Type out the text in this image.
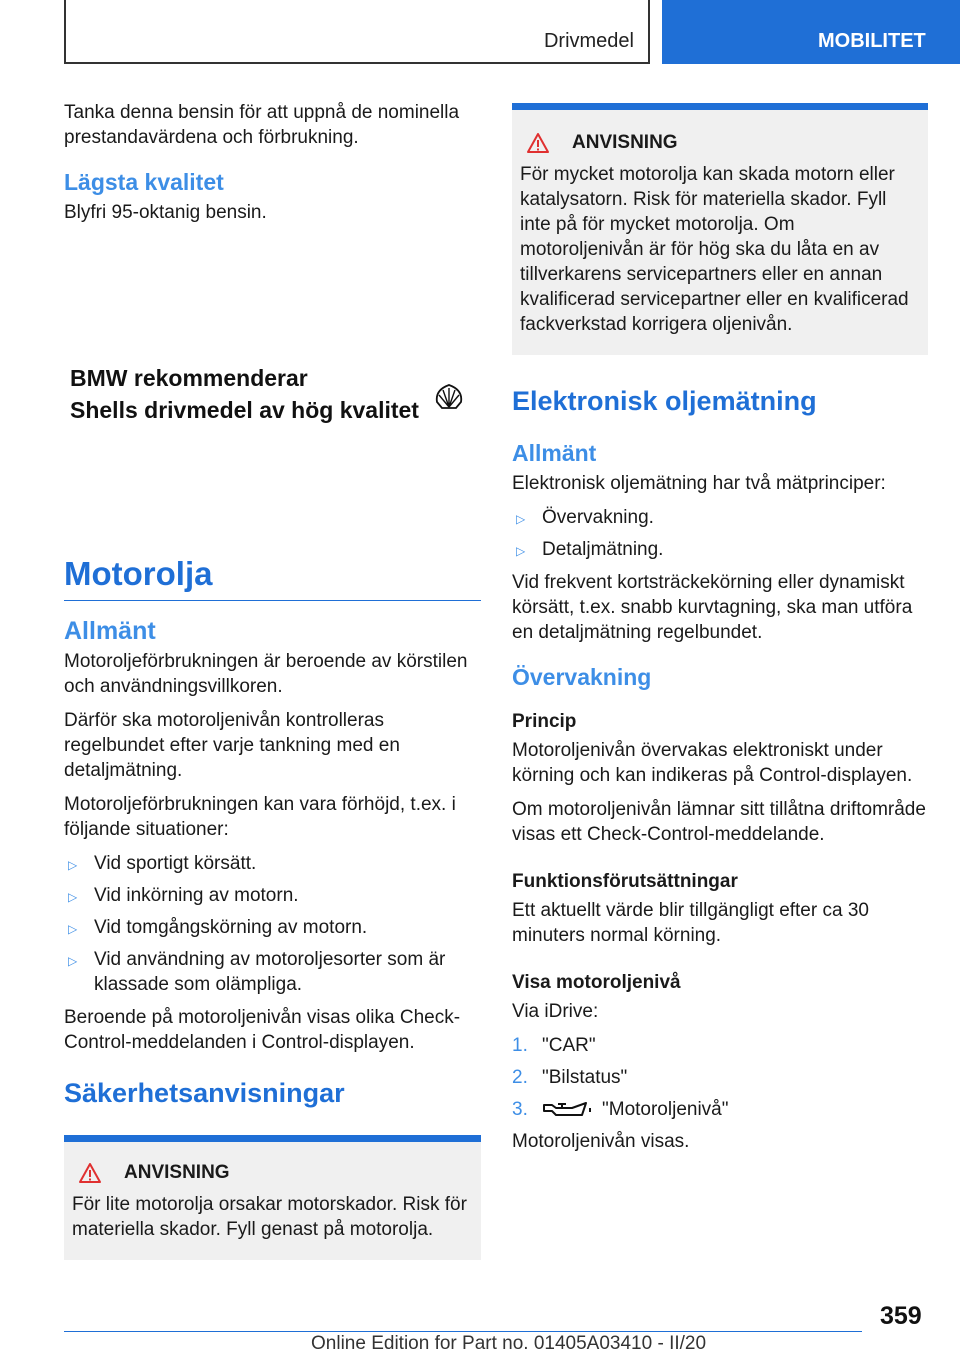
Drivmedel	MOBILITET

Tanka denna bensin för att uppnå de nominella prestandavärdena och förbrukning.

Lägsta kvalitet

Blyfri 95-oktanig bensin.

BMW rekommenderar
Shells drivmedel av hög kvalitet
Motorolja
Allmänt

Motoroljeförbrukningen är beroende av körstilen och användningsvillkoren.

Därför ska motoroljenivån kontrolleras regelbundet efter varje tankning med en detaljmätning.

Motoroljeförbrukningen kan vara förhöjd, t.ex. i följande situationer:

▷ Vid sportigt körsätt.
▷ Vid inkörning av motorn.
▷ Vid tomgångskörning av motorn.
▷ Vid användning av motoroljesorter som är klassade som olämpliga.

Beroende på motoroljenivån visas olika Check-Control-meddelanden i Control-displayen.

Säkerhetsanvisningar
ANVISNING

För lite motorolja orsakar motorskador. Risk för materiella skador. Fyll genast på motorolja.

ANVISNING

För mycket motorolja kan skada motorn eller katalysatorn. Risk för materiella skador. Fyll inte på för mycket motorolja. Om motoroljenivån är för hög ska du låta en av tillverkarens servicepartners eller en annan kvalificerad servicepartner eller en kvalificerad fackverkstad korrigera oljenivån.

Elektronisk oljemätning
Allmänt

Elektronisk oljemätning har två mätprinciper:

▷ Övervakning.
▷ Detaljmätning.

Vid frekvent kortsträckekörning eller dynamiskt körsätt, t.ex. snabb kurvtagning, ska man utföra en detaljmätning regelbundet.

Övervakning
Princip

Motoroljenivån övervakas elektroniskt under körning och kan indikeras på Control-displayen.

Om motoroljenivån lämnar sitt tillåtna driftområde visas ett Check-Control-meddelande.

Funktionsförutsättningar

Ett aktuellt värde blir tillgängligt efter ca 30 minuters normal körning.

Visa motoroljenivå

Via iDrive:

1. "CAR"
2. "Bilstatus"
3.	"Motoroljenivå"

Motoroljenivån visas.

359
Online Edition for Part no. 01405A03410 - II/20
